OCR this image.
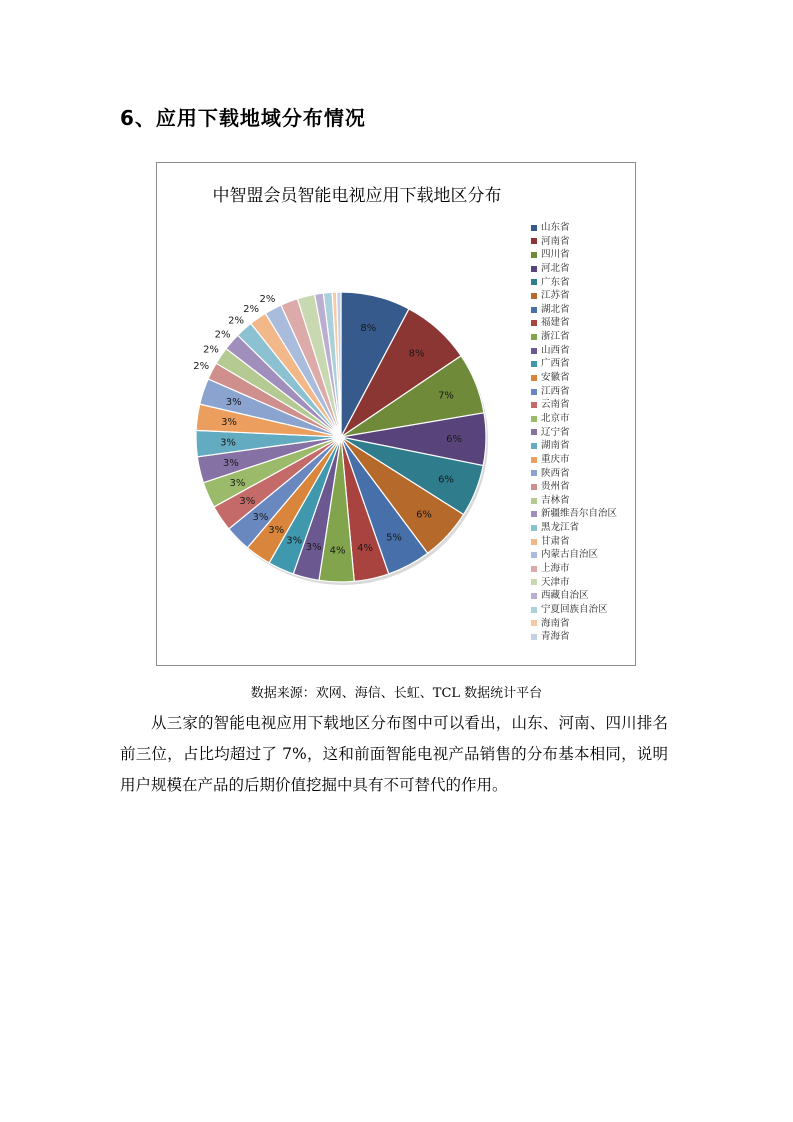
6、应用下载地域分布情况
中智盟会员智能电视应用下载地区分布
8%
8%
7%
6%
6%
6%
5%
4%
4%
3%
3%
3%
3%
3%
3%
3%
3%
3%
3%
2%
2%
2%
2%
2%
2%
山东省
河南省
四川省
河北省
广东省
江苏省
湖北省
福建省
浙江省
山西省
广西省
安徽省
江西省
云南省
北京市
辽宁省
湖南省
重庆市
陕西省
贵州省
吉林省
新疆维吾尔自治区
黑龙江省
甘肃省
内蒙古自治区
上海市
天津市
西藏自治区
宁夏回族自治区
海南省
青海省
数据来源：欢网、海信、长虹、TCL 数据统计平台
从三家的智能电视应用下载地区分布图中可以看出，山东、河南、四川排名前三位，占比均超过了 7%，这和前面智能电视产品销售的分布基本相同，说明用户规模在产品的后期价值挖掘中具有不可替代的作用。
